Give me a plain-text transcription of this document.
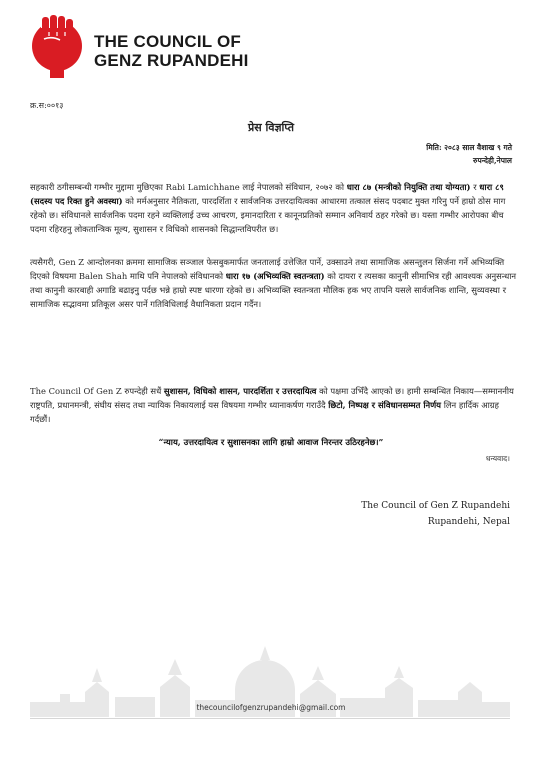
THE COUNCIL OF
GENZ RUPANDEHI
क्र.स:००१३
प्रेस विज्ञप्ति
मिति: २०८३ साल वैशाख ९ गते
रुपन्देही,नेपाल
सहकारी ठगीसम्बन्धी गम्भीर मुद्दामा मुछिएका Rabi Lamichhane लाई नेपालको संविधान, २०७२ को धारा ८७ (मन्त्रीको नियुक्ति तथा योग्यता) र धारा ८९ (सदस्य पद रिक्त हुने अवस्था) को मर्मअनुसार नैतिकता, पारदर्शिता र सार्वजनिक उत्तरदायित्वका आधारमा तत्काल संसद पदबाट मुक्त गरिनु पर्ने हाम्रो ठोस माग रहेको छ। संविधानले सार्वजनिक पदमा रहने व्यक्तिलाई उच्च आचरण, इमानदारिता र कानूनप्रतिको सम्मान अनिवार्य ठहर गरेको छ। यस्ता गम्भीर आरोपका बीच पदमा रहिरहनु लोकतान्त्रिक मूल्य, सुशासन र विधिको शासनको सिद्धान्तविपरीत छ।
त्यसैगरी, Gen Z आन्दोलनका क्रममा सामाजिक सञ्जाल फेसबुकमार्फत जनतालाई उत्तेजित पार्ने, उक्साउने तथा सामाजिक असन्तुलन सिर्जना गर्ने अभिव्यक्ति दिएको विषयमा Balen Shah माथि पनि नेपालको संविधानको धारा १७ (अभिव्यक्ति स्वतन्त्रता) को दायरा र त्यसका कानुनी सीमाभित्र रही आवश्यक अनुसन्धान तथा कानुनी कारबाही अगाडि बढाइनु पर्दछ भन्ने हाम्रो स्पष्ट धारणा रहेको छ। अभिव्यक्ति स्वतन्त्रता मौलिक हक भए तापनि यसले सार्वजनिक शान्ति, सुव्यवस्था र सामाजिक सद्भावमा प्रतिकूल असर पार्ने गतिविधिलाई वैधानिकता प्रदान गर्दैन।
The Council Of Gen Z रुपन्देही सधैं सुशासन, विधिको शासन, पारदर्शिता र उत्तरदायित्व को पक्षमा उभिँदै आएको छ। हामी सम्बन्धित निकाय—सम्माननीय राष्ट्रपति, प्रधानमन्त्री, संघीय संसद तथा न्यायिक निकायलाई यस विषयमा गम्भीर ध्यानाकर्षण गराउँदै छिटो, निष्पक्ष र संविधानसम्मत निर्णय लिन हार्दिक आग्रह गर्दछौं।
“न्याय, उत्तरदायित्व र सुशासनका लागि हाम्रो आवाज निरन्तर उठिरहनेछ।”
धन्यवाद।
The Council of Gen Z Rupandehi
Rupandehi, Nepal
thecouncilofgenzrupandehi@gmail.com
